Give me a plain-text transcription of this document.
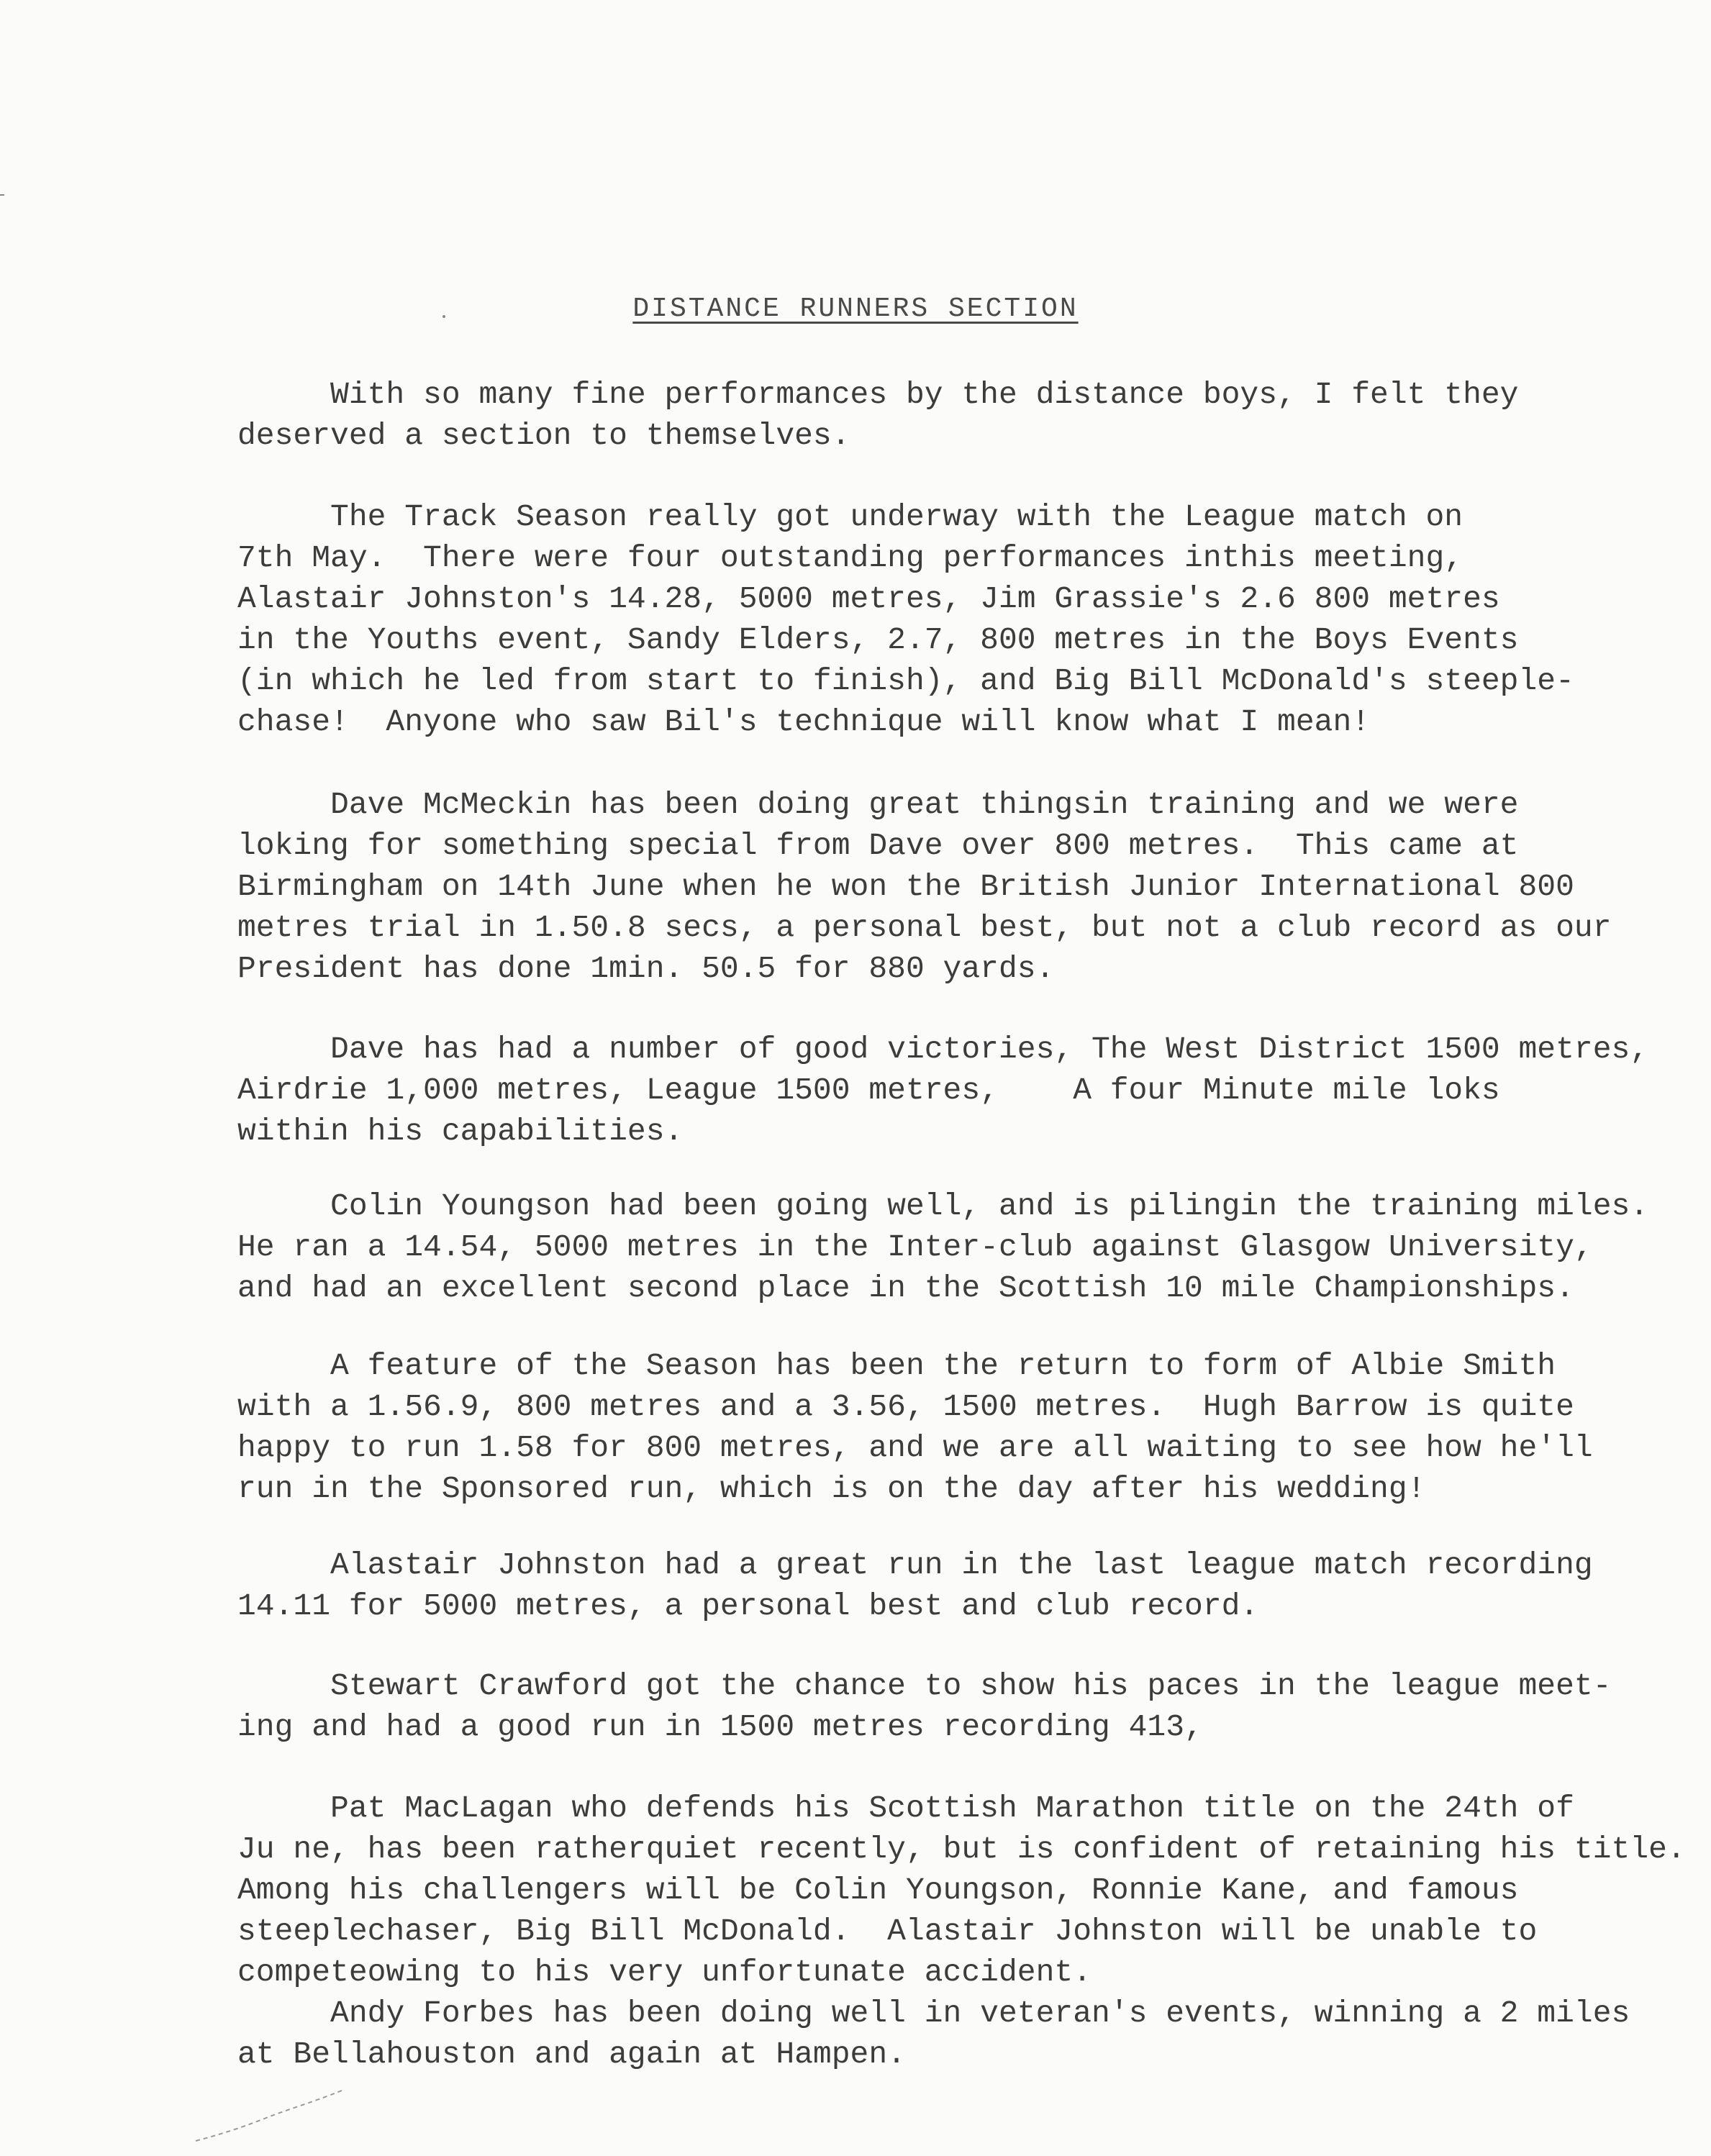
DISTANCE RUNNERS SECTION

With so many fine performances by the distance boys, I felt they

deserved a section to themselves.

The Track Season really got underway with the League match on

7th May.  There were four outstanding performances inthis meeting,

Alastair Johnston's 14.28, 5000 metres, Jim Grassie's 2.6 800 metres

in the Youths event, Sandy Elders, 2.7, 800 metres in the Boys Events

(in which he led from start to finish), and Big Bill McDonald's steeple-

chase!  Anyone who saw Bil's technique will know what I mean!

Dave McMeckin has been doing great thingsin training and we were

loking for something special from Dave over 800 metres.  This came at

Birmingham on 14th June when he won the British Junior International 800

metres trial in 1.50.8 secs, a personal best, but not a club record as our

President has done 1min. 50.5 for 880 yards.

Dave has had a number of good victories, The West District 1500 metres,

Airdrie 1,000 metres, League 1500 metres,    A four Minute mile loks

within his capabilities.

Colin Youngson had been going well, and is pilingin the training miles.

He ran a 14.54, 5000 metres in the Inter-club against Glasgow University,

and had an excellent second place in the Scottish 10 mile Championships.

A feature of the Season has been the return to form of Albie Smith

with a 1.56.9, 800 metres and a 3.56, 1500 metres.  Hugh Barrow is quite

happy to run 1.58 for 800 metres, and we are all waiting to see how he'll

run in the Sponsored run, which is on the day after his wedding!

Alastair Johnston had a great run in the last league match recording

14.11 for 5000 metres, a personal best and club record.

Stewart Crawford got the chance to show his paces in the league meet-

ing and had a good run in 1500 metres recording 413,

Pat MacLagan who defends his Scottish Marathon title on the 24th of

Ju ne, has been ratherquiet recently, but is confident of retaining his title.

Among his challengers will be Colin Youngson, Ronnie Kane, and famous

steeplechaser, Big Bill McDonald.  Alastair Johnston will be unable to

competeowing to his very unfortunate accident.

Andy Forbes has been doing well in veteran's events, winning a 2 miles

at Bellahouston and again at Hampen.
